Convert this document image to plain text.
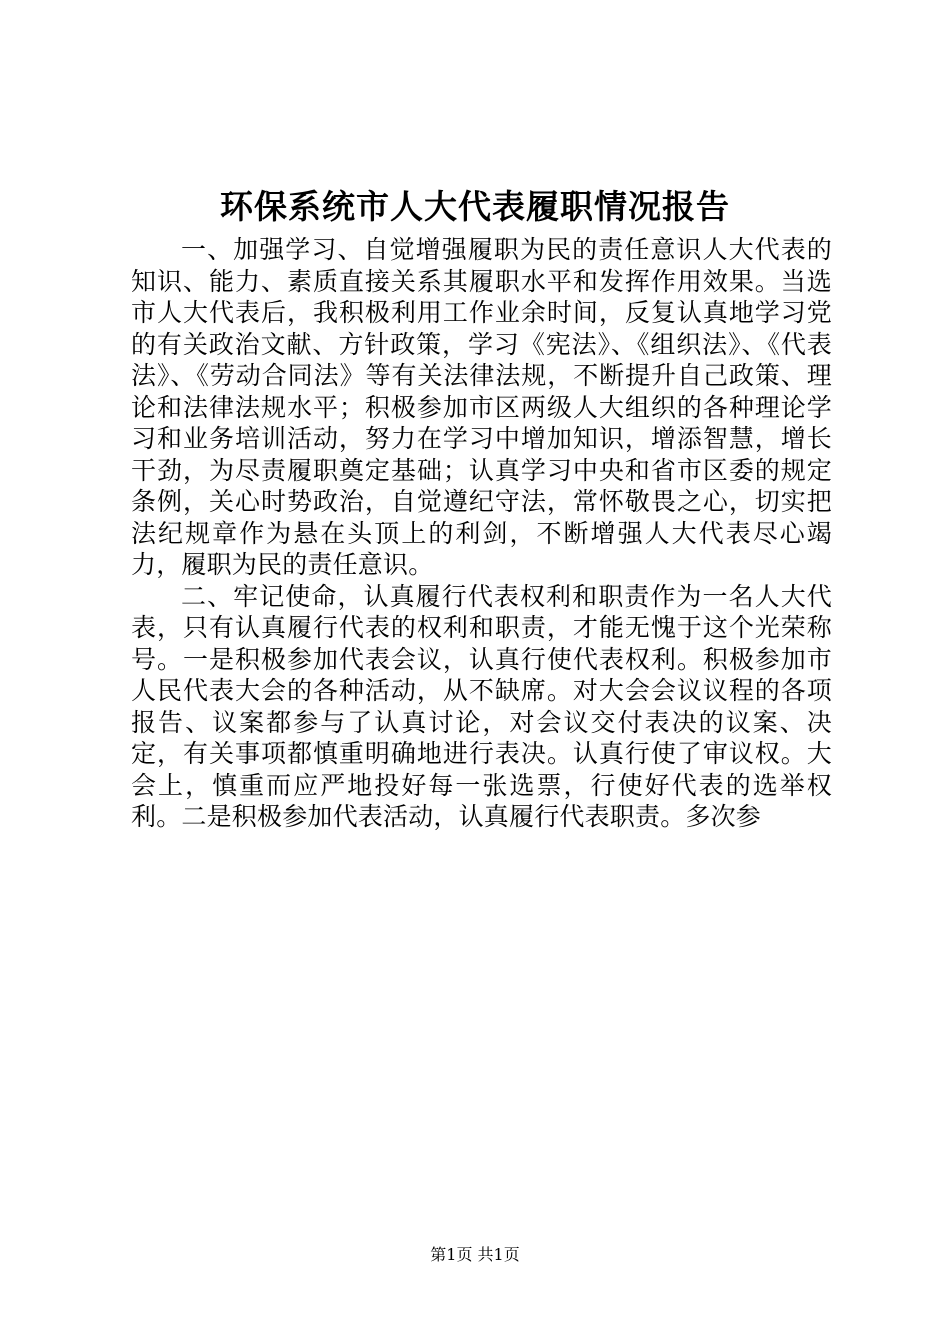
环保系统市人大代表履职情况报告

一、加强学习、自觉增强履职为民的责任意识人大代表的知识、能力、素质直接关系其履职水平和发挥作用效果。当选市人大代表后，我积极利用工作业余时间，反复认真地学习党的有关政治文献、方针政策，学习《宪法》、《组织法》、《代表法》、《劳动合同法》等有关法律法规，不断提升自己政策、理论和法律法规水平；积极参加市区两级人大组织的各种理论学习和业务培训活动，努力在学习中增加知识，增添智慧，增长干劲，为尽责履职奠定基础；认真学习中央和省市区委的规定条例，关心时势政治，自觉遵纪守法，常怀敬畏之心，切实把法纪规章作为悬在头顶上的利剑，不断增强人大代表尽心竭力，履职为民的责任意识。

二、牢记使命，认真履行代表权利和职责作为一名人大代表，只有认真履行代表的权利和职责，才能无愧于这个光荣称号。一是积极参加代表会议，认真行使代表权利。积极参加市人民代表大会的各种活动，从不缺席。对大会会议议程的各项报告、议案都参与了认真讨论，对会议交付表决的议案、决定，有关事项都慎重明确地进行表决。认真行使了审议权。大会上，慎重而应严地投好每一张选票，行使好代表的选举权利。二是积极参加代表活动，认真履行代表职责。多次参

第1页 共1页
